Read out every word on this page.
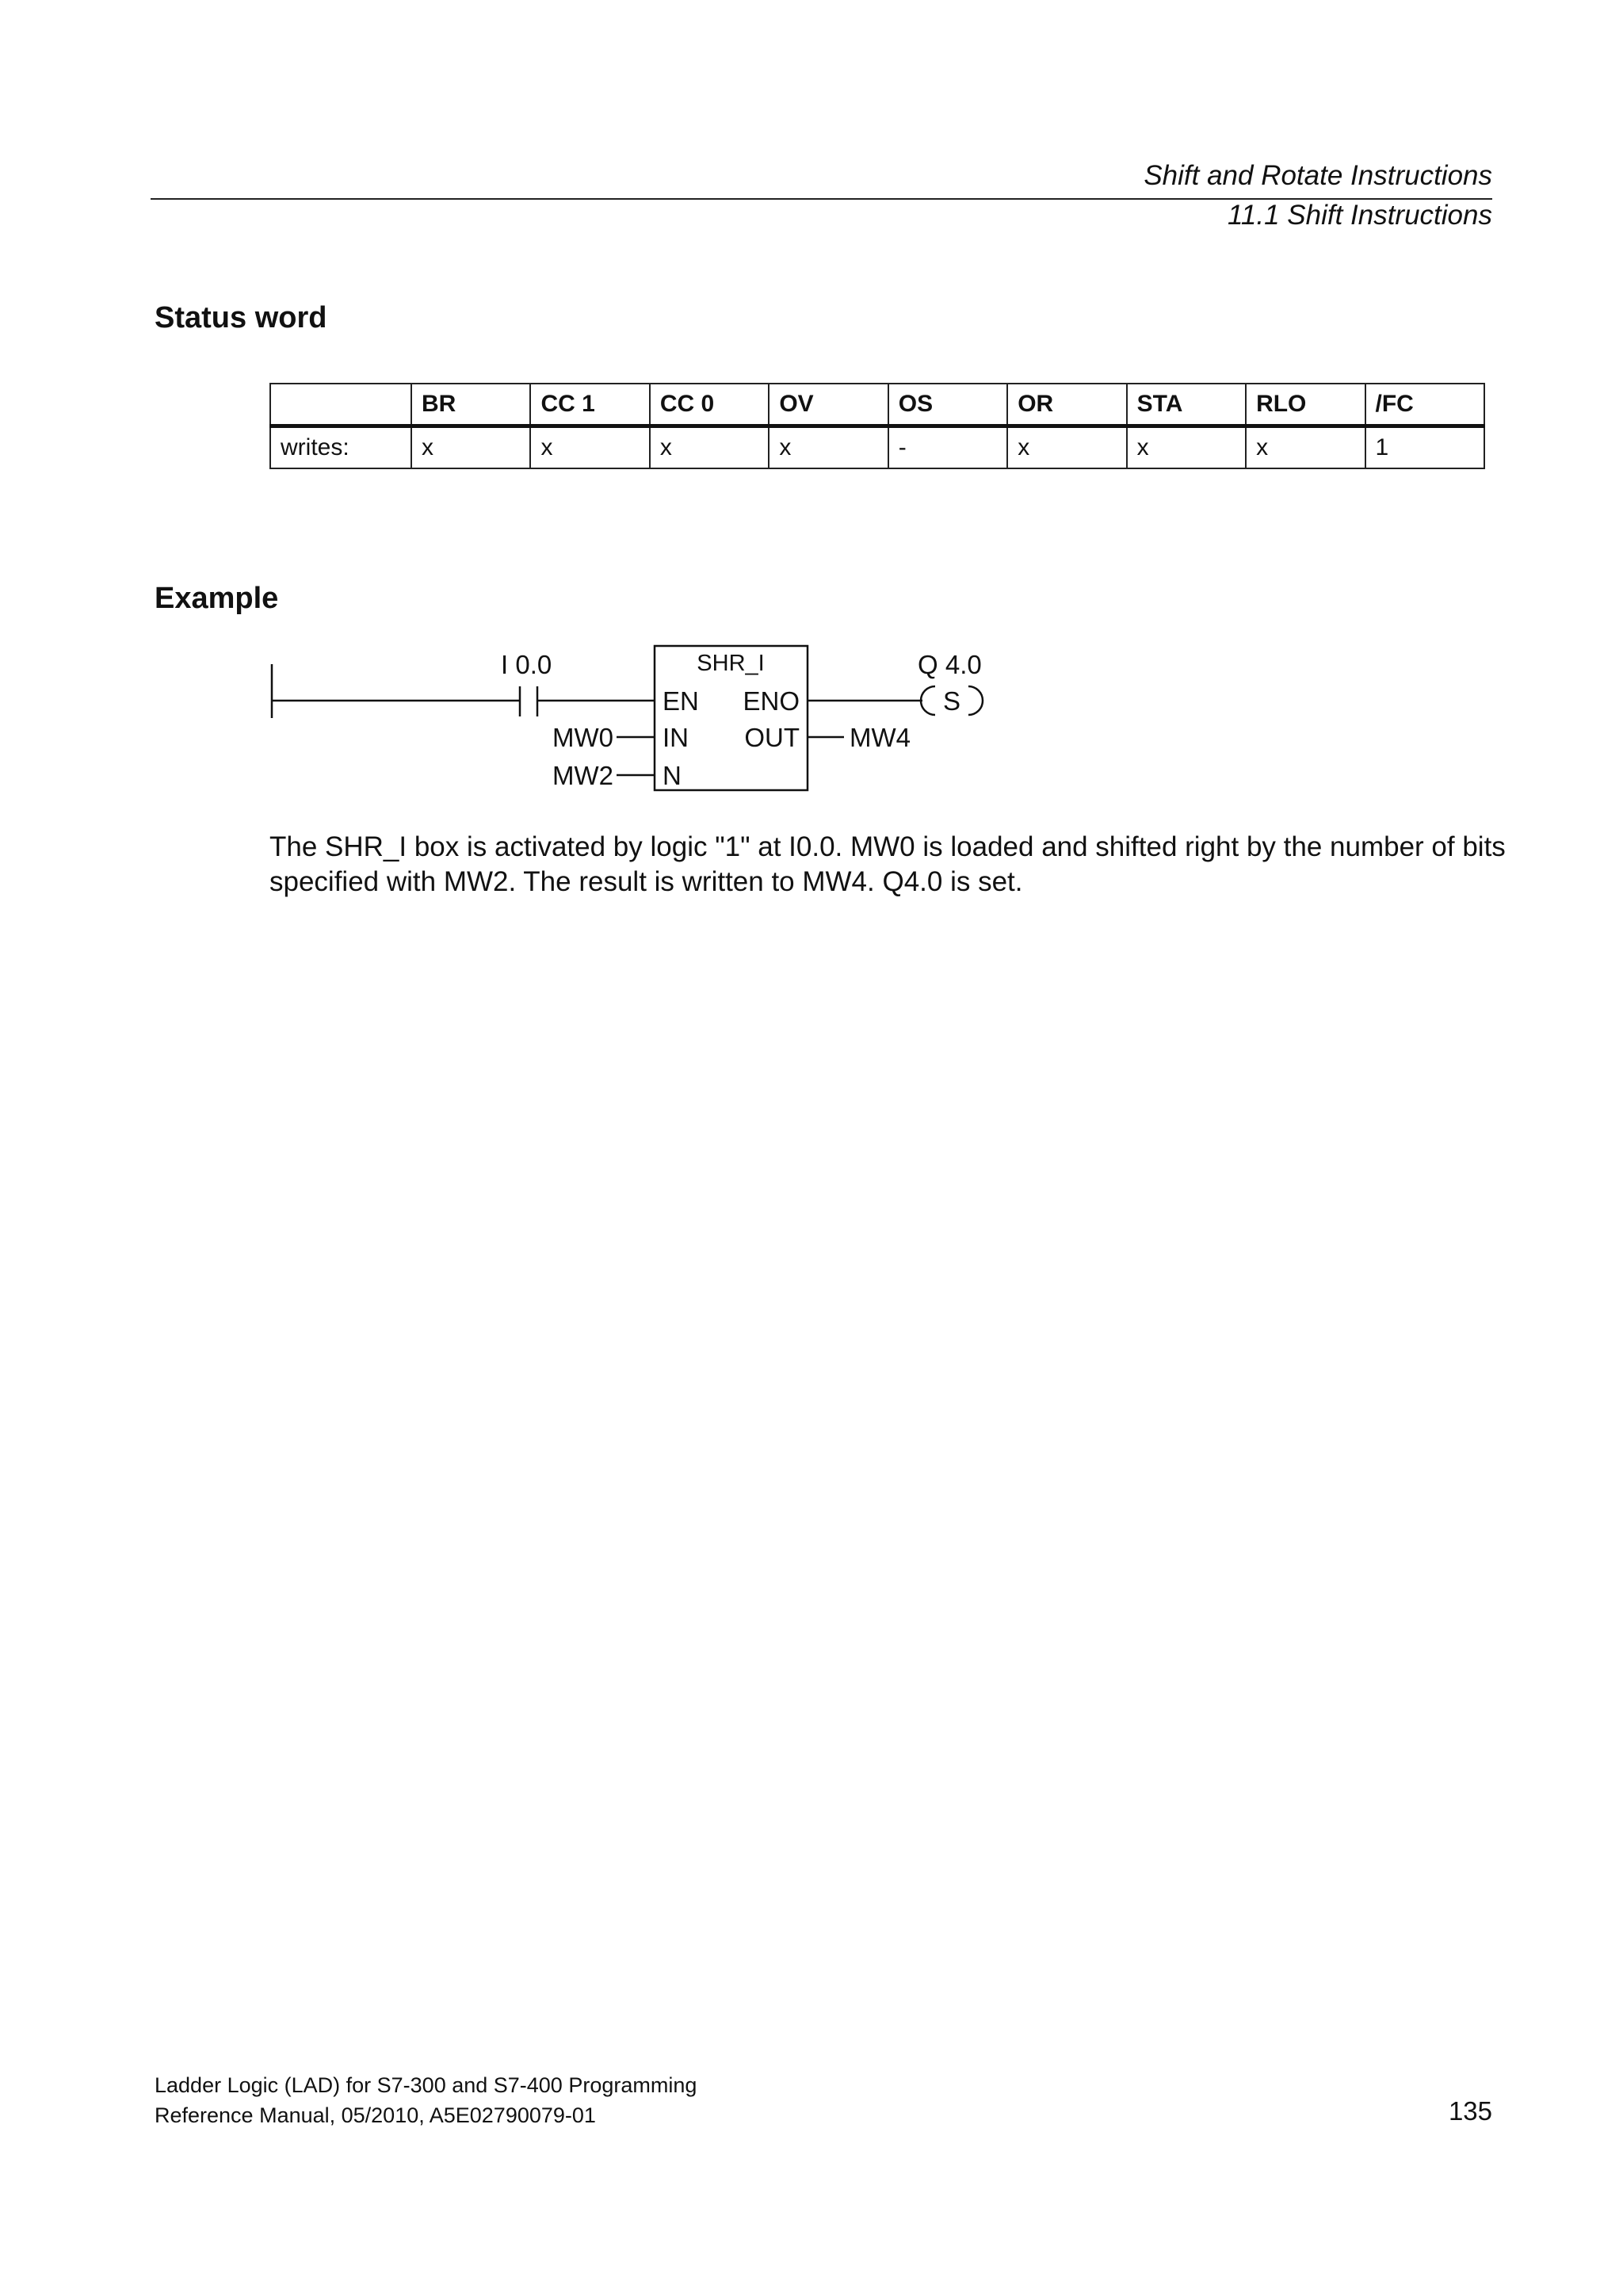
Shift and Rotate Instructions
11.1 Shift Instructions
Status word
	BR	CC 1	CC 0	OV	OS	OR	STA	RLO	/FC
writes:	x	x	x	x	-	x	x	x	1
Example
I 0.0	SHR_I
EN
IN
N
ENO
OUT
MW0
MW2
MW4
Q 4.0
S

The SHR_I box is activated by logic "1" at I0.0. MW0 is loaded and shifted right by the number of bits specified with MW2. The result is written to MW4. Q4.0 is set.

Ladder Logic (LAD) for S7-300 and S7-400 Programming
Reference Manual, 05/2010, A5E02790079-01	135
